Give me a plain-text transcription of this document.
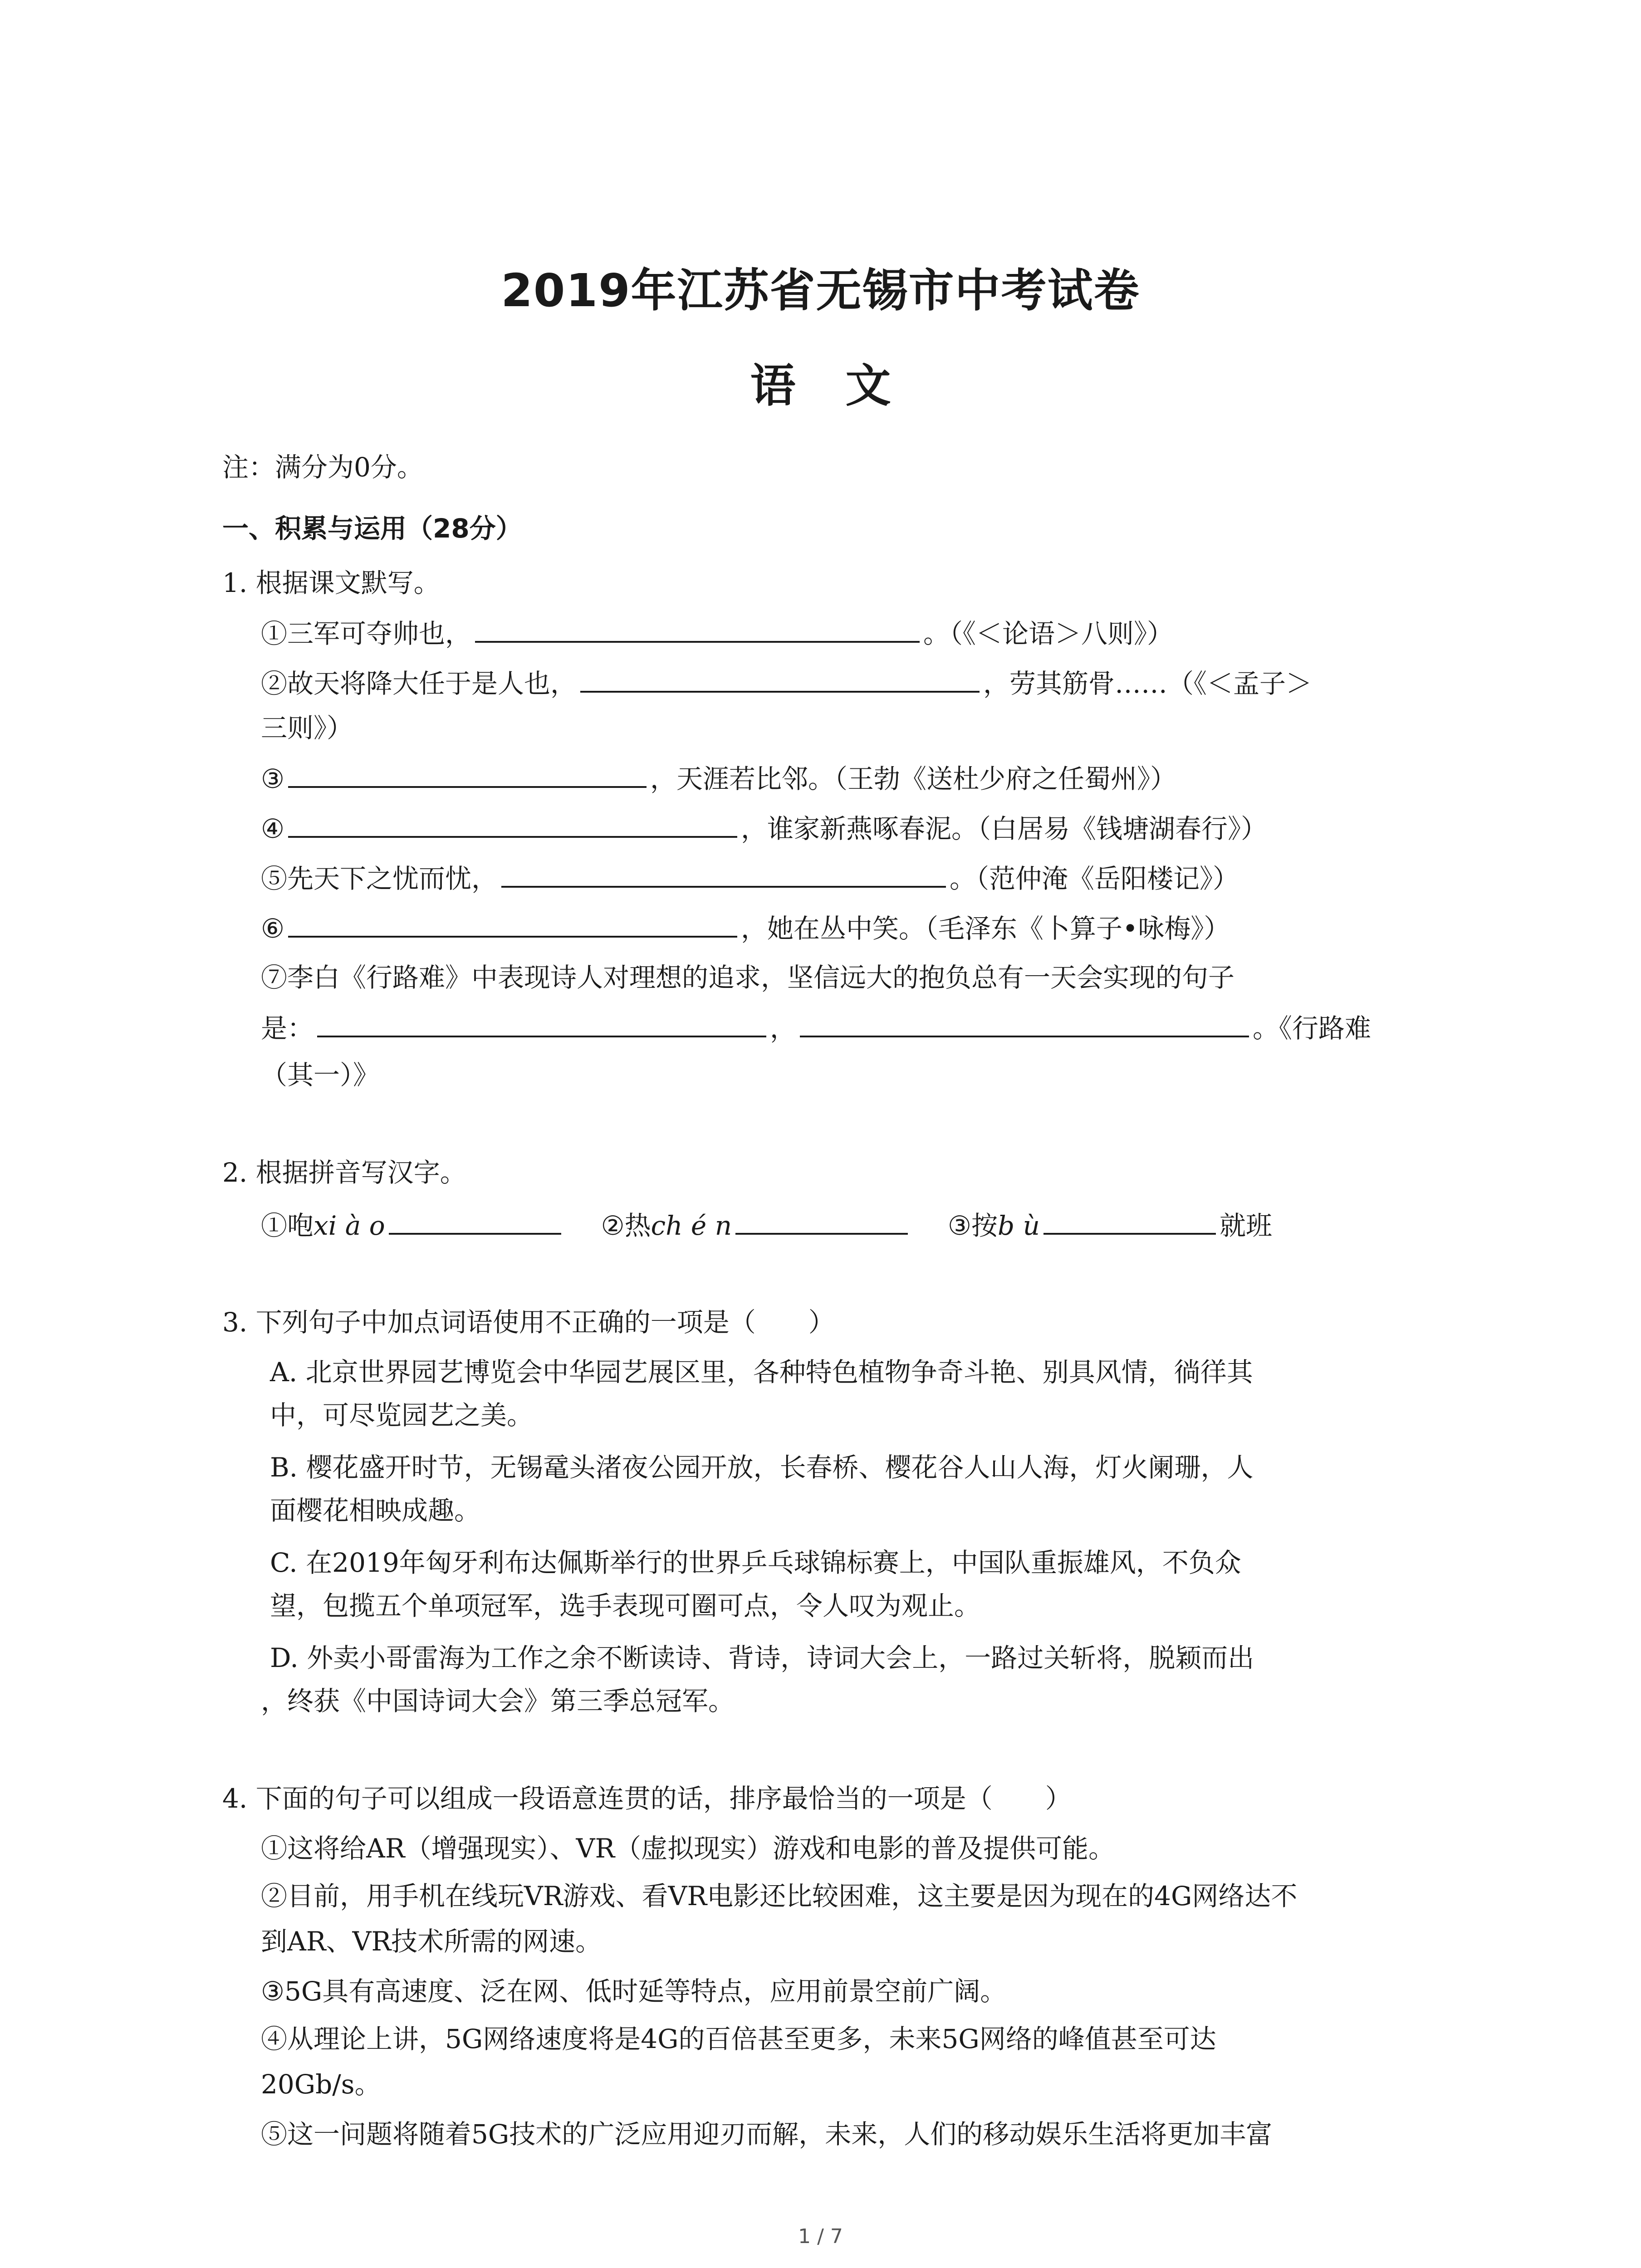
2019年江苏省无锡市中考试卷
语文
注：满分为0分。
一、积累与运用（28分）
1. 根据课文默写。
①三军可夺帅也，	。（《＜论语＞八则》）
②故天将降大任于是人也，	，劳其筋骨……（《＜孟子＞
三则》）
③	，天涯若比邻。（王勃《送杜少府之任蜀州》）
④	，谁家新燕啄春泥。（白居易《钱塘湖春行》）
⑤先天下之忧而忧，	。（范仲淹《岳阳楼记》）
⑥	，她在丛中笑。（毛泽东《卜算子•咏梅》）
⑦李白《行路难》中表现诗人对理想的追求，坚信远大的抱负总有一天会实现的句子
是：	，	。《行路难
（其一）》
2. 根据拼音写汉字。
①咆xi à o	②热ch é n	③按b ù	就班
3. 下列句子中加点词语使用不正确的一项是（　　）
A. 北京世界园艺博览会中华园艺展区里，各种特色植物争奇斗艳、别具风情，徜徉其
中，可尽览园艺之美。
B. 樱花盛开时节，无锡鼋头渚夜公园开放，长春桥、樱花谷人山人海，灯火阑珊，人
面樱花相映成趣。
C. 在2019年匈牙利布达佩斯举行的世界乒乓球锦标赛上，中国队重振雄风，不负众
望，包揽五个单项冠军，选手表现可圈可点，令人叹为观止。
D. 外卖小哥雷海为工作之余不断读诗、背诗，诗词大会上，一路过关斩将，脱颖而出
，终获《中国诗词大会》第三季总冠军。
4. 下面的句子可以组成一段语意连贯的话，排序最恰当的一项是（　　）
①这将给AR（增强现实）、VR（虚拟现实）游戏和电影的普及提供可能。
②目前，用手机在线玩VR游戏、看VR电影还比较困难，这主要是因为现在的4G网络达不
到AR、VR技术所需的网速。
③5G具有高速度、泛在网、低时延等特点，应用前景空前广阔。
④从理论上讲，5G网络速度将是4G的百倍甚至更多，未来5G网络的峰值甚至可达
20Gb/s。
⑤这一问题将随着5G技术的广泛应用迎刃而解，未来，人们的移动娱乐生活将更加丰富
1 / 7
